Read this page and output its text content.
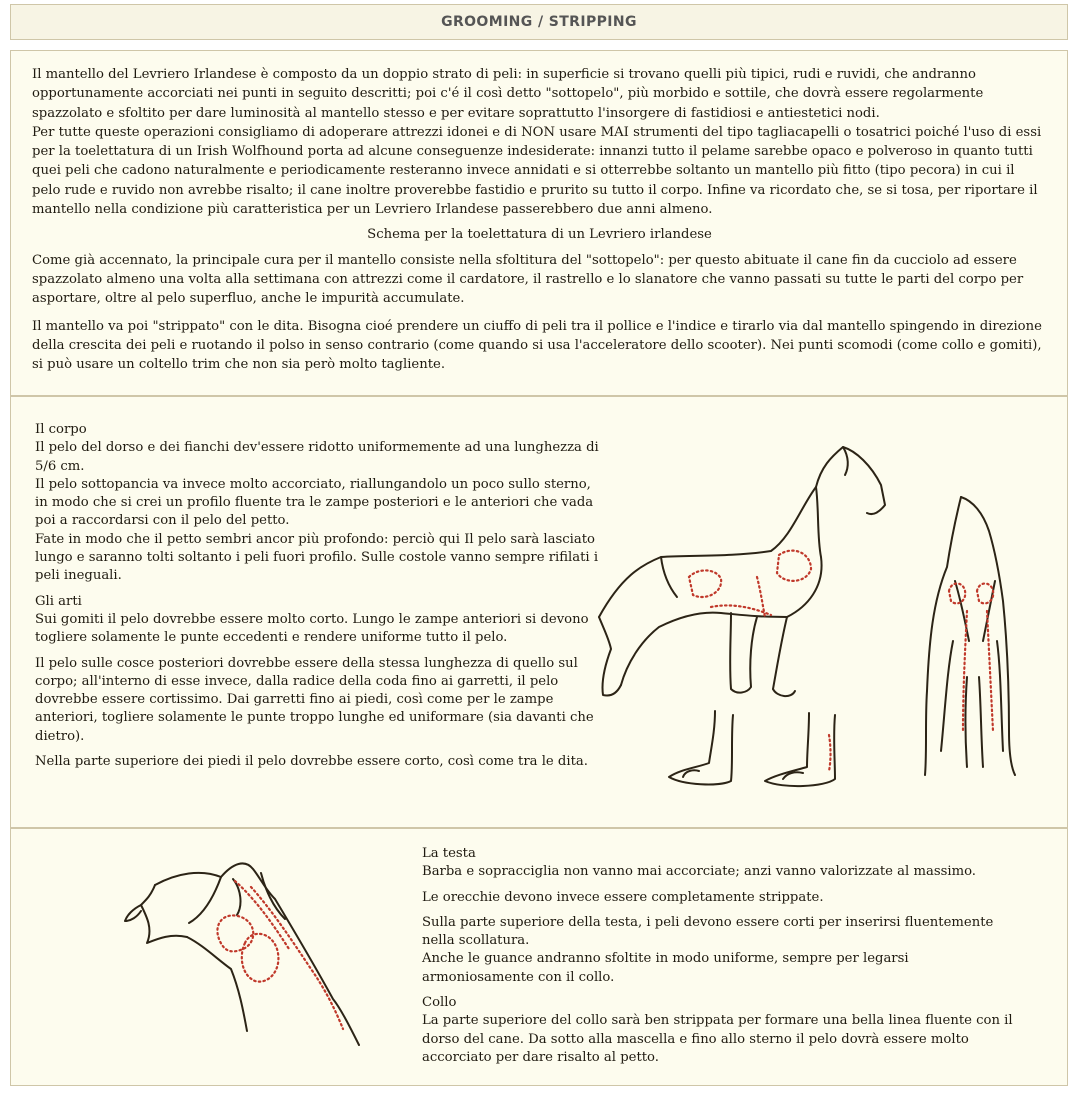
GROOMING / STRIPPING

Il mantello del Levriero Irlandese è composto da un doppio strato di peli: in superficie si trovano quelli più tipici, rudi e ruvidi, che andranno opportunamente accorciati nei punti in seguito descritti; poi c'é il così detto "sottopelo", più morbido e sottile, che dovrà essere regolarmente spazzolato e sfoltito per dare luminosità al mantello stesso e per evitare soprattutto l'insorgere di fastidiosi e antiestetici nodi.

Per tutte queste operazioni consigliamo di adoperare attrezzi idonei e di NON usare MAI strumenti del tipo tagliacapelli o tosatrici poiché l'uso di essi per la toelettatura di un Irish Wolfhound porta ad alcune conseguenze indesiderate: innanzi tutto il pelame sarebbe opaco e polveroso in quanto tutti quei peli che cadono naturalmente e periodicamente resteranno invece annidati e si otterrebbe soltanto un mantello più fitto (tipo pecora) in cui il pelo rude e ruvido non avrebbe risalto; il cane inoltre proverebbe fastidio e prurito su tutto il corpo. Infine va ricordato che, se si tosa, per riportare il mantello nella condizione più caratteristica per un Levriero Irlandese passerebbero due anni almeno.

Schema per la toelettatura di un Levriero irlandese

Come già accennato, la principale cura per il mantello consiste nella sfoltitura del "sottopelo": per questo abituate il cane fin da cucciolo ad essere spazzolato almeno una volta alla settimana con attrezzi come il cardatore, il rastrello e lo slanatore che vanno passati su tutte le parti del corpo per asportare, oltre al pelo superfluo, anche le impurità accumulate.

Il mantello va poi "strippato" con le dita. Bisogna cioé prendere un ciuffo di peli tra il pollice e l'indice e tirarlo via dal mantello spingendo in direzione della crescita dei peli e ruotando il polso in senso contrario (come quando si usa l'acceleratore dello scooter). Nei punti scomodi (come collo e gomiti), si può usare un coltello trim che non sia però molto tagliente.

Il corpo

Il pelo del dorso e dei fianchi dev'essere ridotto uniformemente ad una lunghezza di 5/6 cm.

Il pelo sottopancia va invece molto accorciato, riallungandolo un poco sullo sterno, in modo che si crei un profilo fluente tra le zampe posteriori e le anteriori che vada poi a raccordarsi con il pelo del petto.

Fate in modo che il petto sembri ancor più profondo: perciò qui Il pelo sarà lasciato lungo e saranno tolti soltanto i peli fuori profilo. Sulle costole vanno sempre rifilati i peli ineguali.

Gli arti

Sui gomiti il pelo dovrebbe essere molto corto. Lungo le zampe anteriori si devono togliere solamente le punte eccedenti e rendere uniforme tutto il pelo.

Il pelo sulle cosce posteriori dovrebbe essere della stessa lunghezza di quello sul corpo; all'interno di esse invece, dalla radice della coda fino ai garretti, il pelo dovrebbe essere cortissimo. Dai garretti fino ai piedi, così come per le zampe anteriori, togliere solamente le punte troppo lunghe ed uniformare (sia davanti che dietro).

Nella parte superiore dei piedi il pelo dovrebbe essere corto, così come tra le dita.

La testa

Barba e sopracciglia non vanno mai accorciate; anzi vanno valorizzate al massimo.

Le orecchie devono invece essere completamente strippate.

Sulla parte superiore della testa, i peli devono essere corti per inserirsi fluentemente nella scollatura.

Anche le guance andranno sfoltite in modo uniforme, sempre per legarsi armoniosamente con il collo.

Collo

La parte superiore del collo sarà ben strippata per formare una bella linea fluente con il dorso del cane. Da sotto alla mascella e fino allo sterno il pelo dovrà essere molto accorciato per dare risalto al petto.
